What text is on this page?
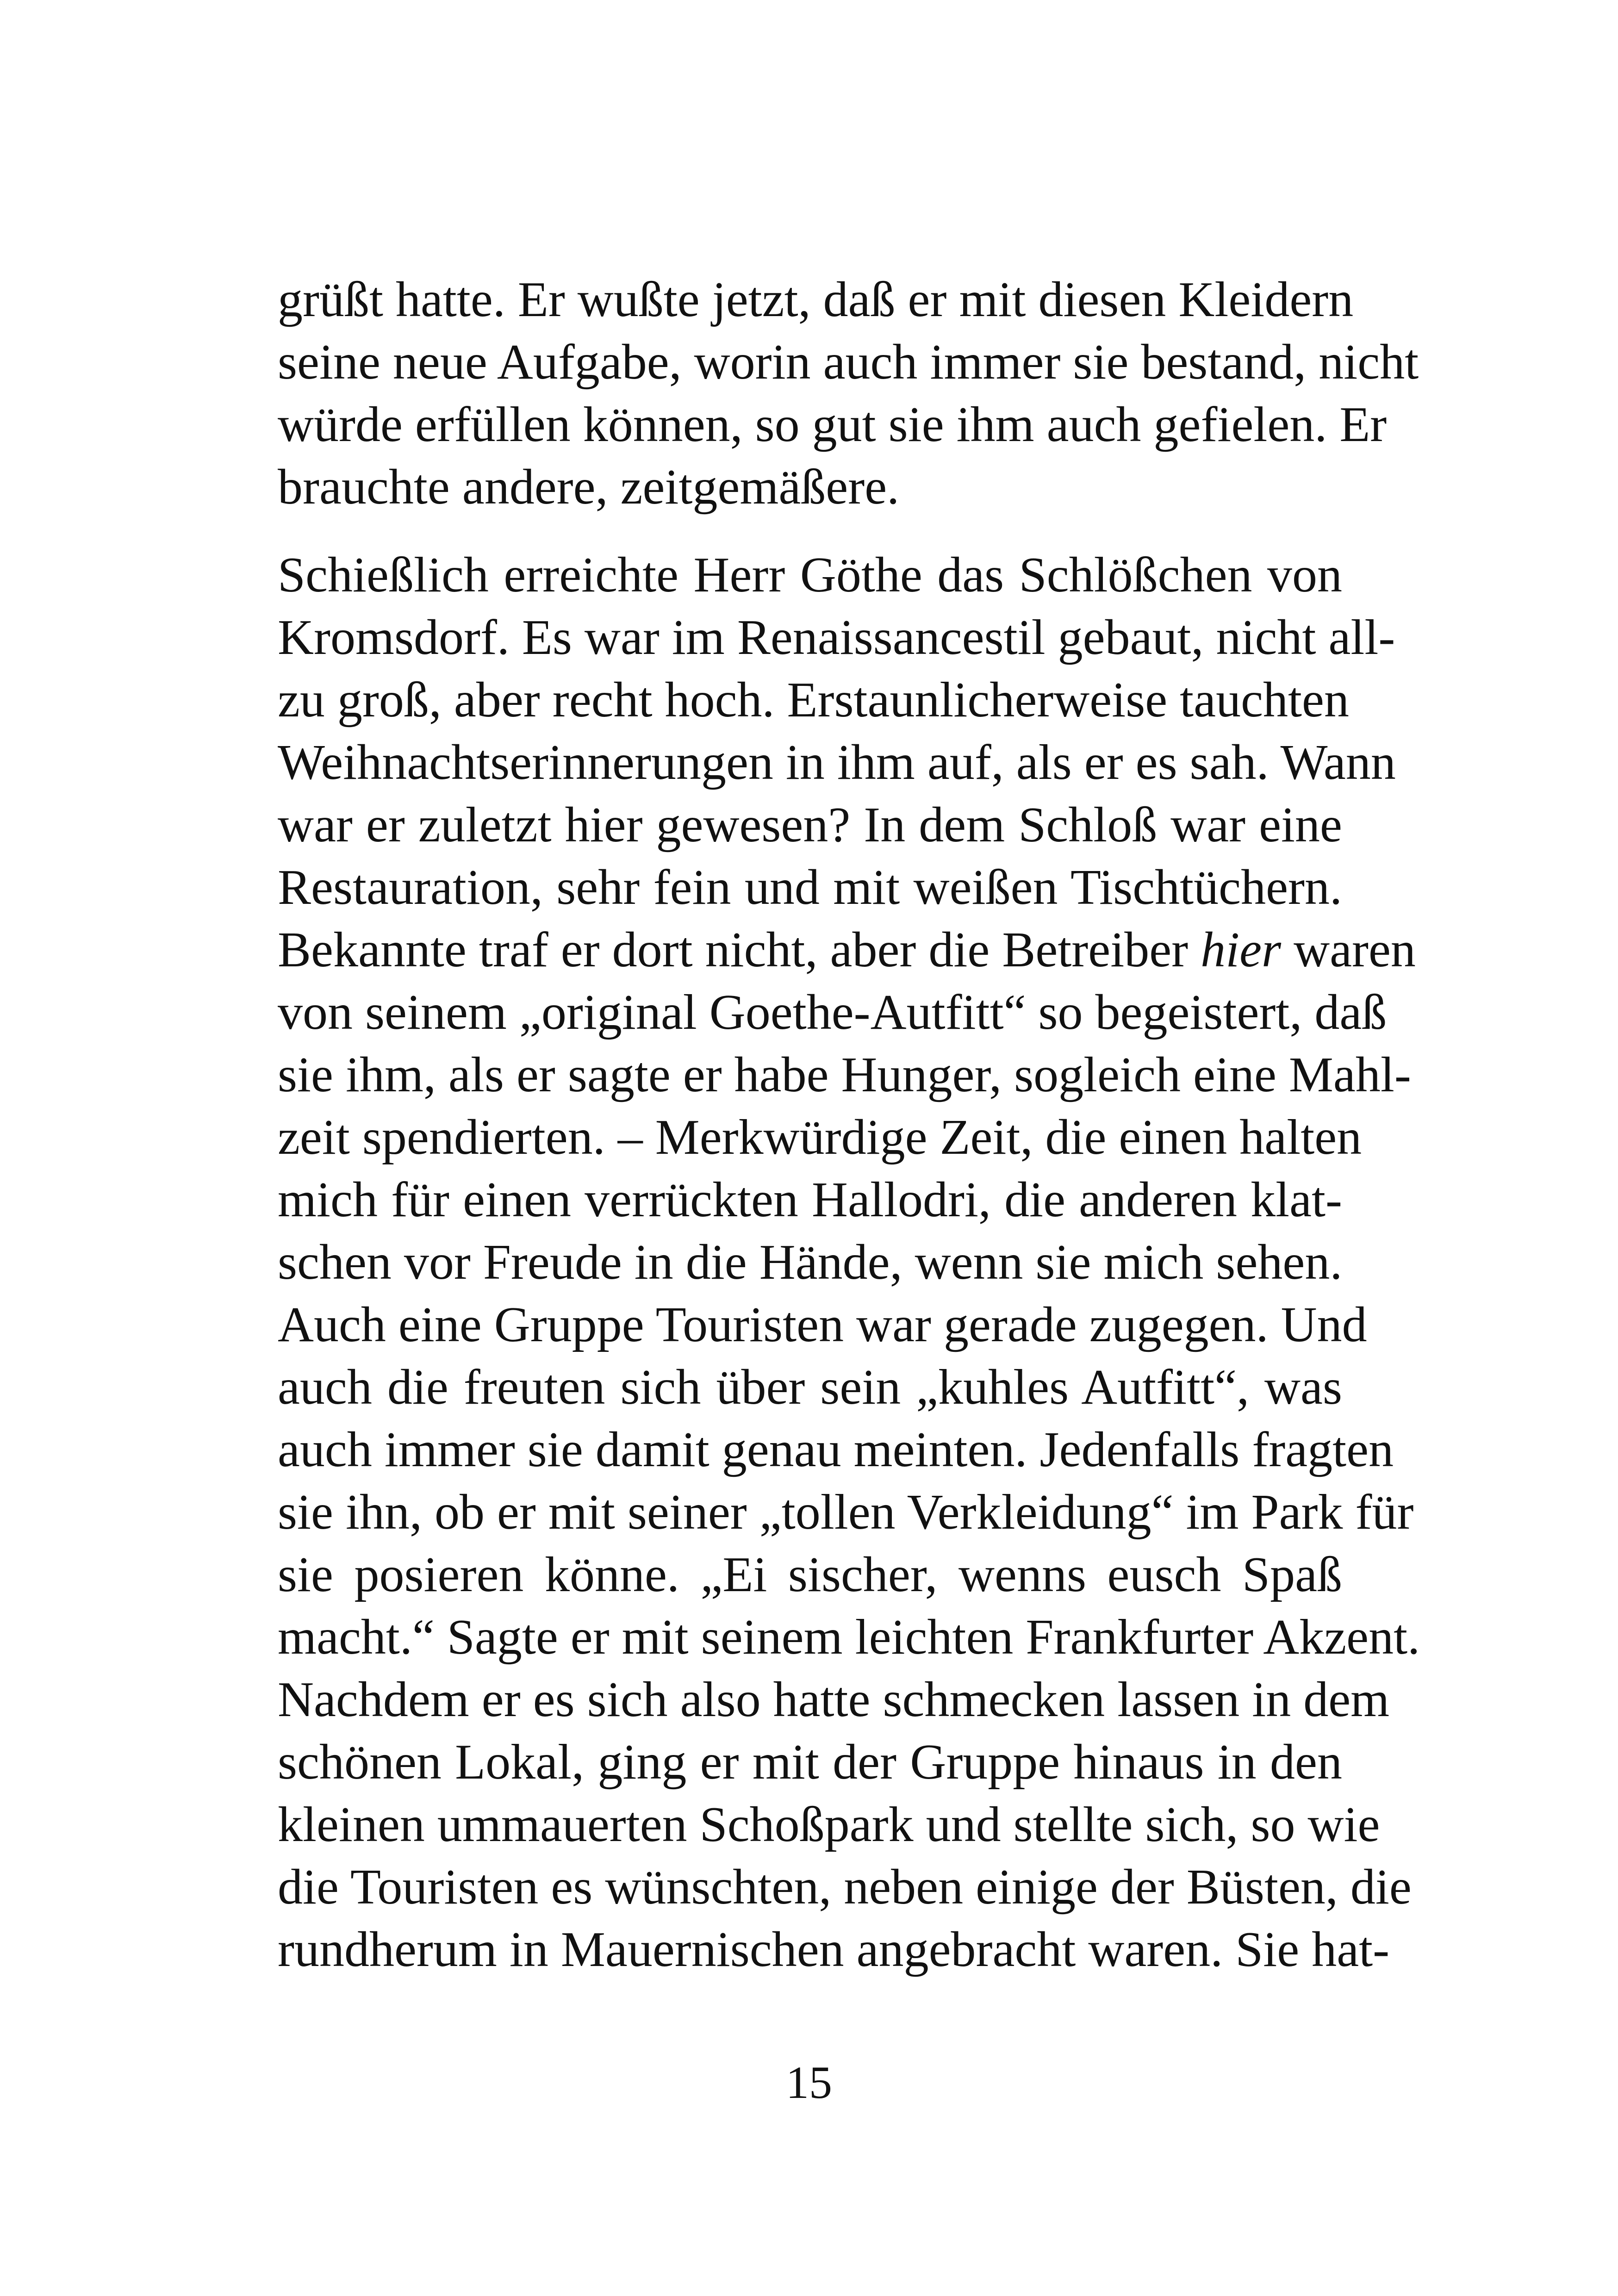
grüßt hatte. Er wußte jetzt, daß er mit diesen Kleidern
seine neue Aufgabe, worin auch immer sie bestand, nicht
würde erfüllen können, so gut sie ihm auch gefielen. Er
brauchte andere, zeitgemäßere.
Schießlich erreichte Herr Göthe das Schlößchen von
Kromsdorf. Es war im Renaissancestil gebaut, nicht all-
zu groß, aber recht hoch. Erstaunlicherweise tauchten
Weihnachtserinnerungen in ihm auf, als er es sah. Wann
war er zuletzt hier gewesen? In dem Schloß war eine
Restauration, sehr fein und mit weißen Tischtüchern.
Bekannte traf er dort nicht, aber die Betreiber hier waren
von seinem „original Goethe-Autfitt“ so begeistert, daß
sie ihm, als er sagte er habe Hunger, sogleich eine Mahl-
zeit spendierten. – Merkwürdige Zeit, die einen halten
mich für einen verrückten Hallodri, die anderen klat-
schen vor Freude in die Hände, wenn sie mich sehen.
Auch eine Gruppe Touristen war gerade zugegen. Und
auch die freuten sich über sein „kuhles Autfitt“, was
auch immer sie damit genau meinten. Jedenfalls fragten
sie ihn, ob er mit seiner „tollen Verkleidung“ im Park für
sie posieren könne. „Ei sischer, wenns eusch Spaß
macht.“ Sagte er mit seinem leichten Frankfurter Akzent.
Nachdem er es sich also hatte schmecken lassen in dem
schönen Lokal, ging er mit der Gruppe hinaus in den
kleinen ummauerten Schoßpark und stellte sich, so wie
die Touristen es wünschten, neben einige der Büsten, die
rundherum in Mauernischen angebracht waren. Sie hat-
15
